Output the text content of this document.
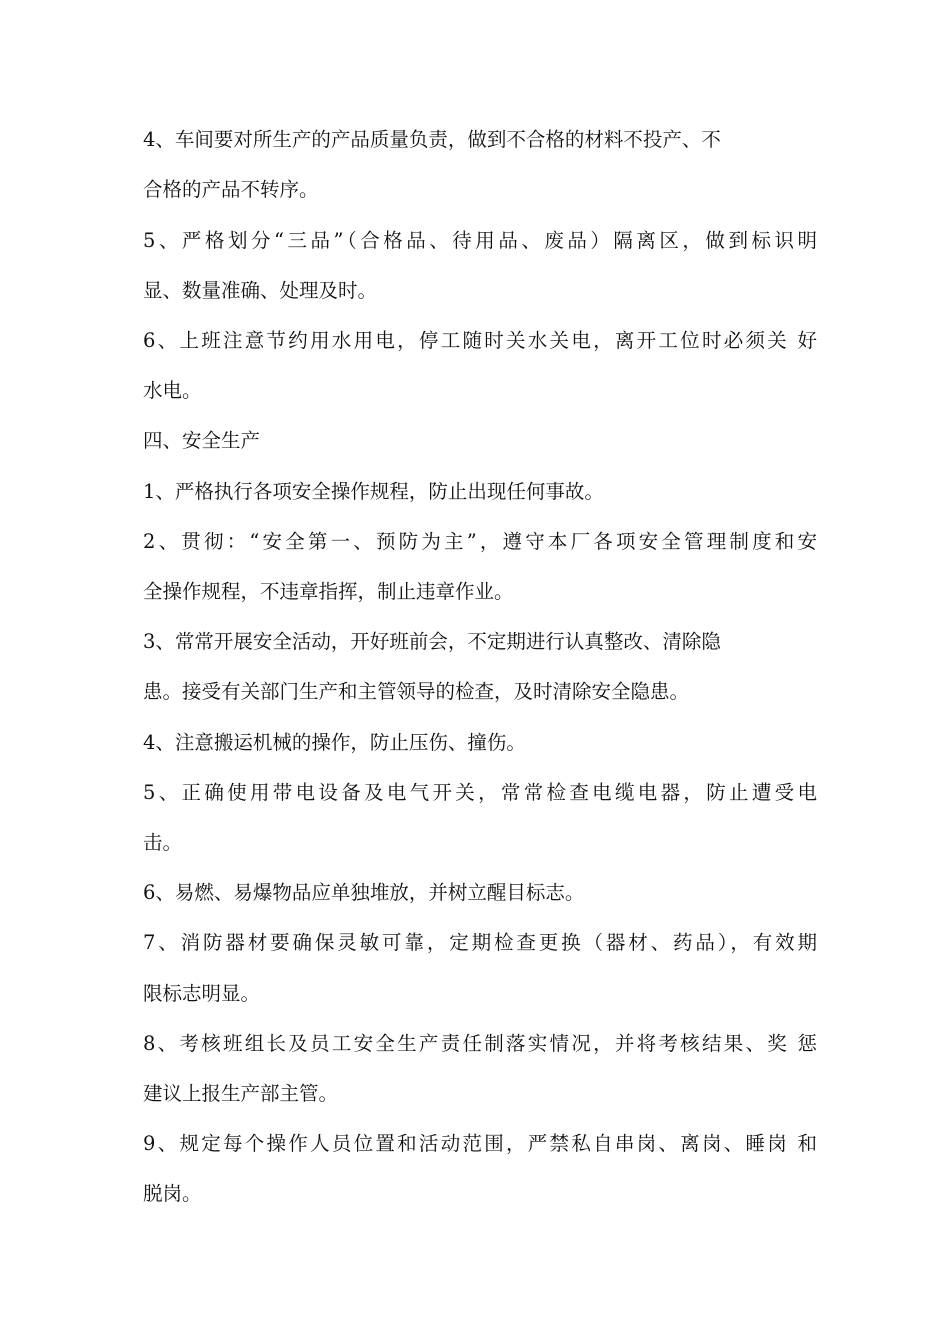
4、车间要对所生产的产品质量负责，做到不合格的材料不投产、不
合格的产品不转序。
5、严格划分“三品”（合格品、待用品、废品）隔离区，做到标识明
显、数量准确、处理及时。
6、上班注意节约用水用电，停工随时关水关电，离开工位时必须关 好
水电。
四、安全生产
1、严格执行各项安全操作规程，防止出现任何事故。
2、贯彻：“安全第一、预防为主”，遵守本厂各项安全管理制度和安
全操作规程，不违章指挥，制止违章作业。
3、常常开展安全活动，开好班前会，不定期进行认真整改、清除隐
患。接受有关部门生产和主管领导的检查，及时清除安全隐患。
4、注意搬运机械的操作，防止压伤、撞伤。
5、正确使用带电设备及电气开关，常常检查电缆电器，防止遭受电
击。
6、易燃、易爆物品应单独堆放，并树立醒目标志。
7、消防器材要确保灵敏可靠，定期检查更换（器材、药品），有效期
限标志明显。
8、考核班组长及员工安全生产责任制落实情况，并将考核结果、奖 惩
建议上报生产部主管。
9、规定每个操作人员位置和活动范围，严禁私自串岗、离岗、睡岗 和
脱岗。
